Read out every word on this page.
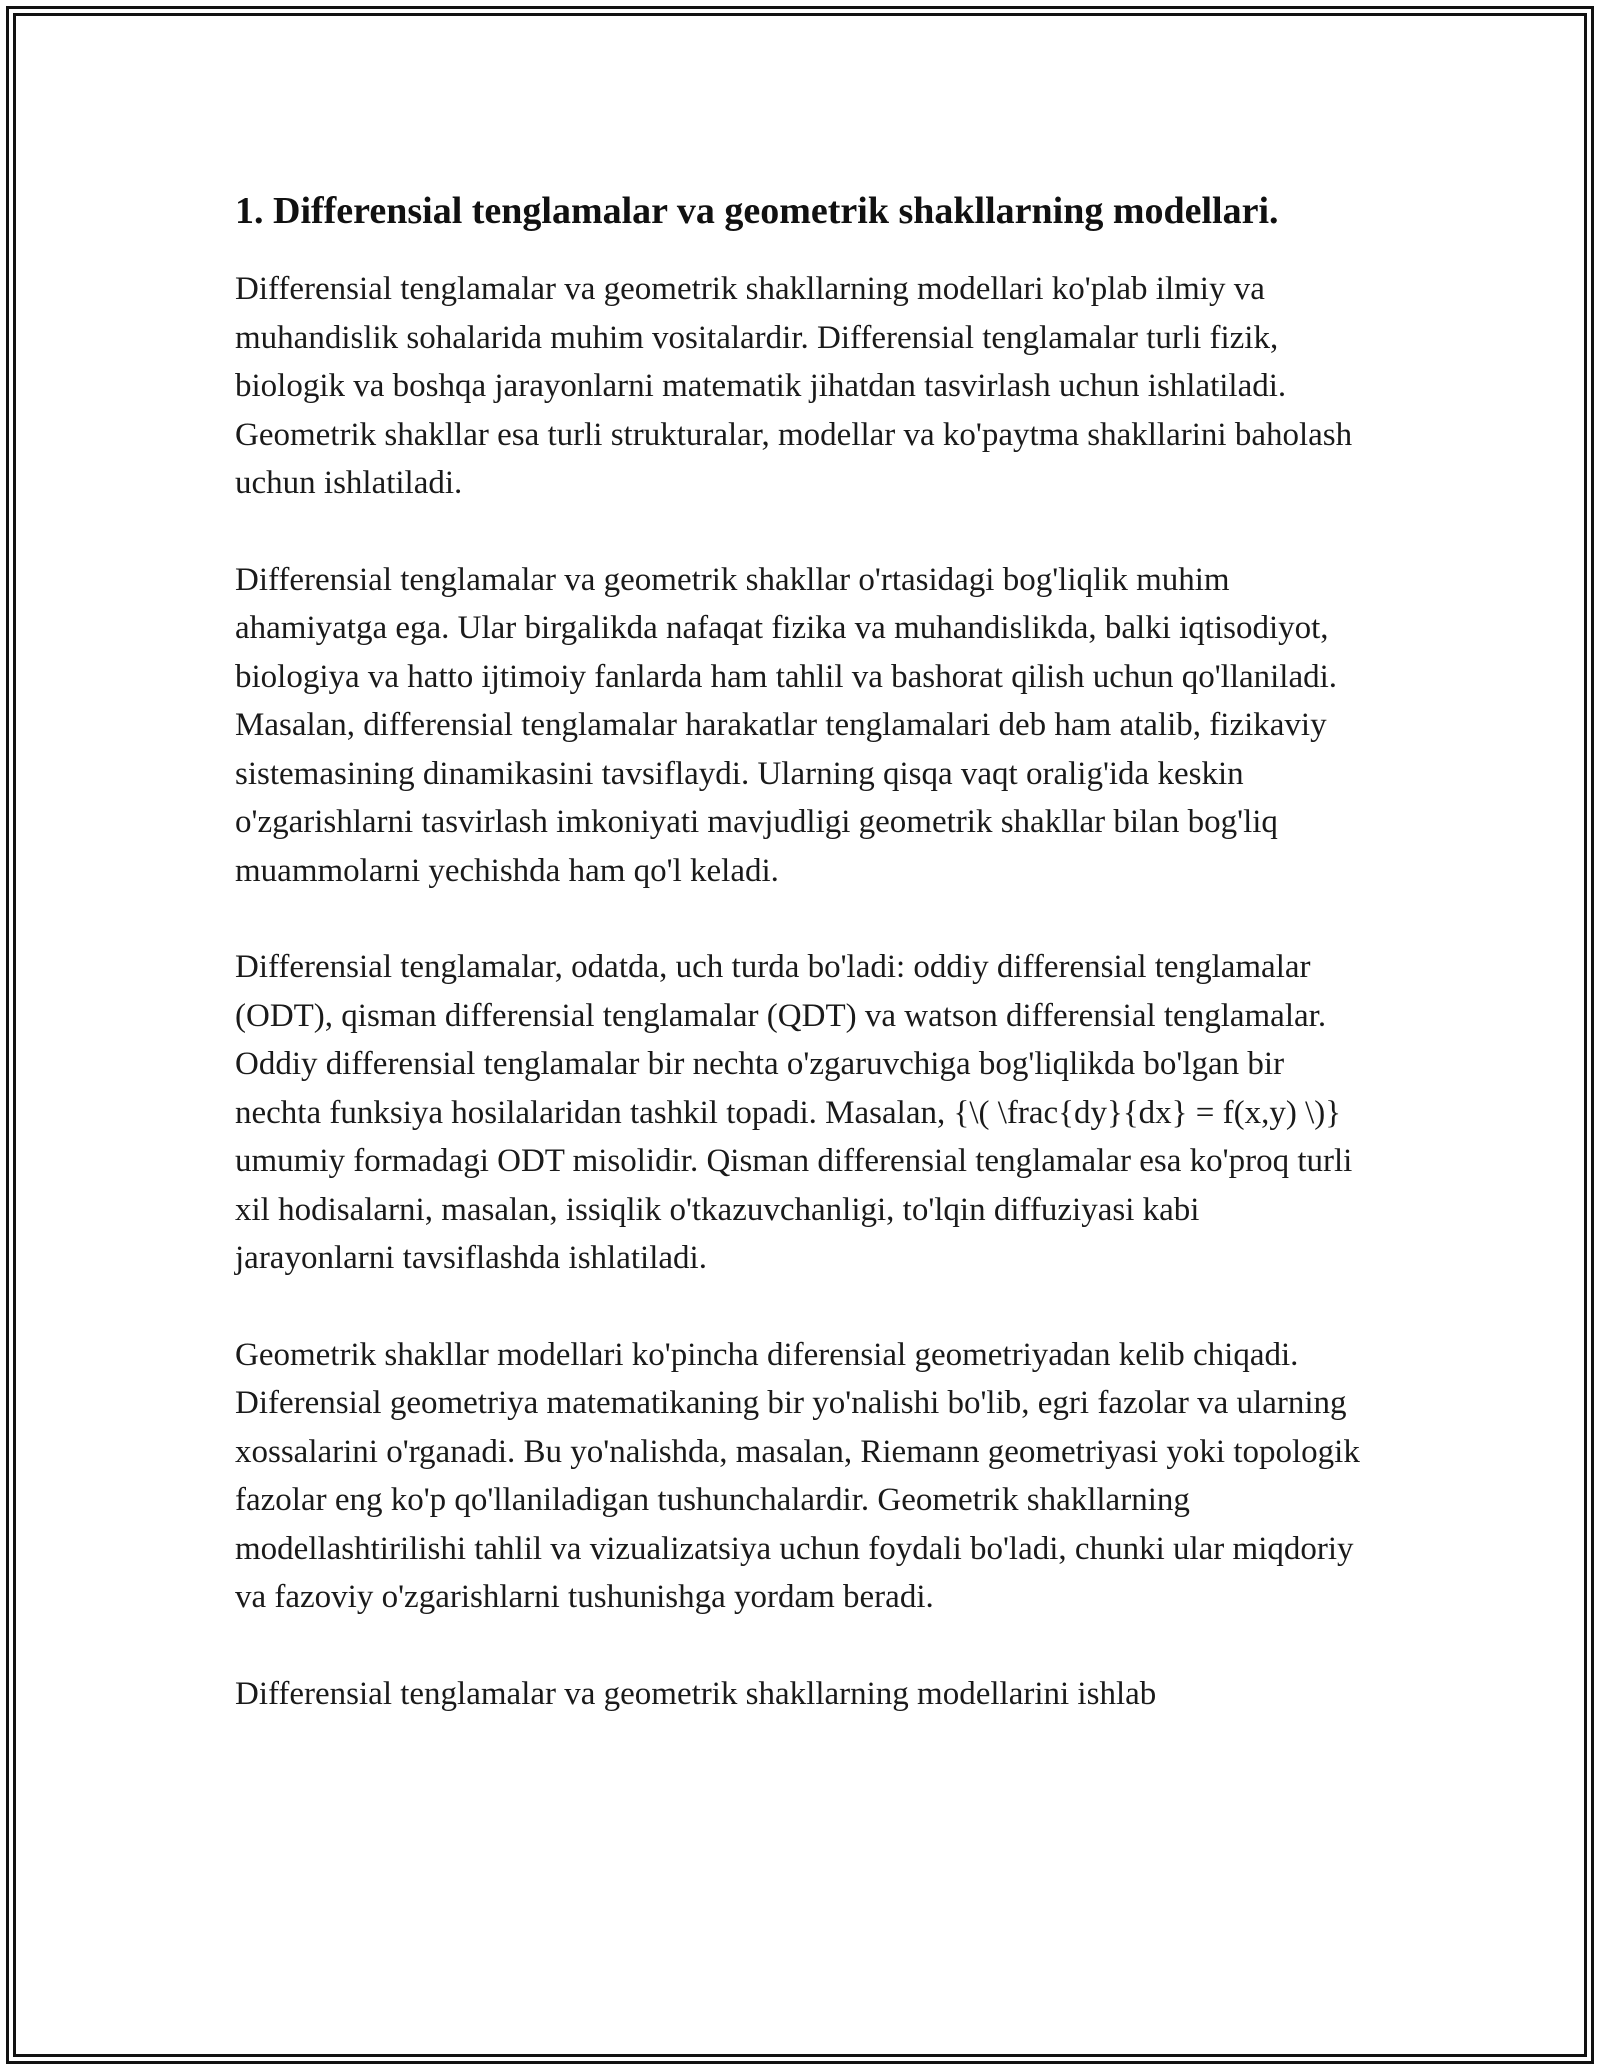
1. Differensial tenglamalar va geometrik shakllarning modellari.

Differensial tenglamalar va geometrik shakllarning modellari ko'plab ilmiy va muhandislik sohalarida muhim vositalardir. Differensial tenglamalar turli fizik, biologik va boshqa jarayonlarni matematik jihatdan tasvirlash uchun ishlatiladi. Geometrik shakllar esa turli strukturalar, modellar va ko'paytma shakllarini baholash uchun ishlatiladi.

Differensial tenglamalar va geometrik shakllar o'rtasidagi bog'liqlik muhim ahamiyatga ega. Ular birgalikda nafaqat fizika va muhandislikda, balki iqtisodiyot, biologiya va hatto ijtimoiy fanlarda ham tahlil va bashorat qilish uchun qo'llaniladi. Masalan, differensial tenglamalar harakatlar tenglamalari deb ham atalib, fizikaviy sistemasining dinamikasini tavsiflaydi. Ularning qisqa vaqt oralig'ida keskin o'zgarishlarni tasvirlash imkoniyati mavjudligi geometrik shakllar bilan bog'liq muammolarni yechishda ham qo'l keladi.

Differensial tenglamalar, odatda, uch turda bo'ladi: oddiy differensial tenglamalar (ODT), qisman differensial tenglamalar (QDT) va watson differensial tenglamalar. Oddiy differensial tenglamalar bir nechta o'zgaruvchiga bog'liqlikda bo'lgan bir nechta funksiya hosilalaridan tashkil topadi. Masalan, {\( \frac{dy}{dx} = f(x,y) \)} umumiy formadagi ODT misolidir. Qisman differensial tenglamalar esa ko'proq turli xil hodisalarni, masalan, issiqlik o'tkazuvchanligi, to'lqin diffuziyasi kabi jarayonlarni tavsiflashda ishlatiladi.

Geometrik shakllar modellari ko'pincha diferensial geometriyadan kelib chiqadi. Diferensial geometriya matematikaning bir yo'nalishi bo'lib, egri fazolar va ularning xossalarini o'rganadi. Bu yo'nalishda, masalan, Riemann geometriyasi yoki topologik fazolar eng ko'p qo'llaniladigan tushunchalardir. Geometrik shakllarning modellashtirilishi tahlil va vizualizatsiya uchun foydali bo'ladi, chunki ular miqdoriy va fazoviy o'zgarishlarni tushunishga yordam beradi.

Differensial tenglamalar va geometrik shakllarning modellarini ishlab
